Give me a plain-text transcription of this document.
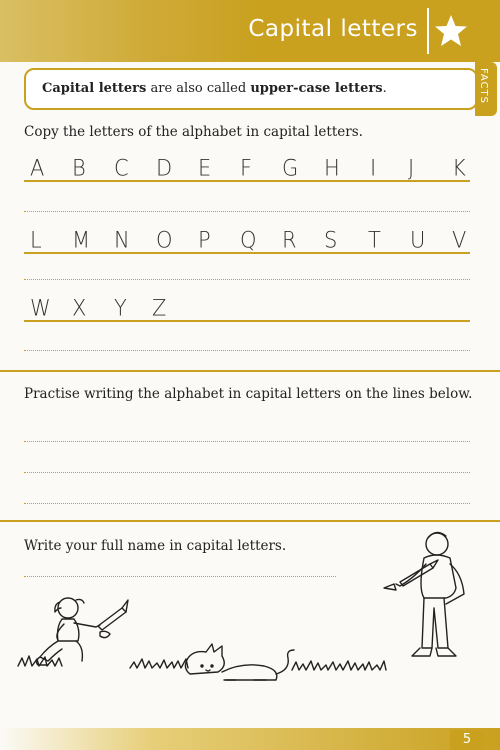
Capital letters
Capital letters are also called upper-case letters.	FACTS
Copy the letters of the alphabet in capital letters.
A B C D E F G H I J K
L M N O P Q R S T U V
W X Y Z
Practise writing the alphabet in capital letters on the lines below.
Write your full name in capital letters.
5
